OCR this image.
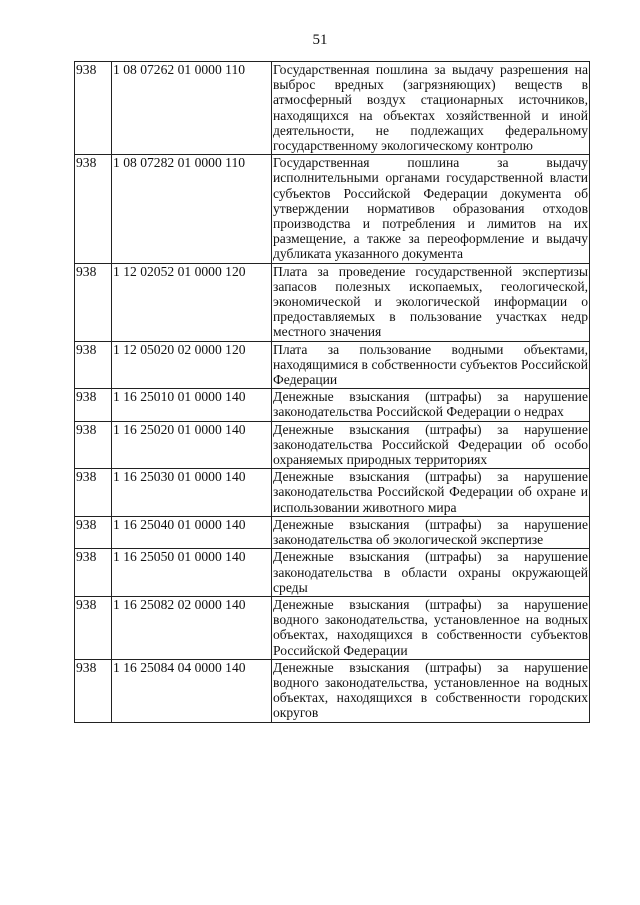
51
938	1 08 07262 01 0000 110	Государственная пошлина за выдачу разрешения на выброс вредных (загрязняющих) веществ в атмосферный воздух стационарных источников, находящихся на объектах хозяйственной и иной деятельности, не подлежащих федеральному государственному экологическому контролю
938	1 08 07282 01 0000 110	Государственная пошлина за выдачу исполнительными органами государственной власти субъектов Российской Федерации документа об утверждении нормативов образования отходов производства и потребления и лимитов на их размещение, а также за переоформление и выдачу дубликата указанного документа
938	1 12 02052 01 0000 120	Плата за проведение государственной экспертизы запасов полезных ископаемых, геологической, экономической и экологической информации о предоставляемых в пользование участках недр местного значения
938	1 12 05020 02 0000 120	Плата за пользование водными объектами, находящимися в собственности субъектов Российской Федерации
938	1 16 25010 01 0000 140	Денежные взыскания (штрафы) за нарушение законодательства Российской Федерации о недрах
938	1 16 25020 01 0000 140	Денежные взыскания (штрафы) за нарушение законодательства Российской Федерации об особо охраняемых природных территориях
938	1 16 25030 01 0000 140	Денежные взыскания (штрафы) за нарушение законодательства Российской Федерации об охране и использовании животного мира
938	1 16 25040 01 0000 140	Денежные взыскания (штрафы) за нарушение законодательства об экологической экспертизе
938	1 16 25050 01 0000 140	Денежные взыскания (штрафы) за нарушение законодательства в области охраны окружающей среды
938	1 16 25082 02 0000 140	Денежные взыскания (штрафы) за нарушение водного законодательства, установленное на водных объектах, находящихся в собственности субъектов Российской Федерации
938	1 16 25084 04 0000 140	Денежные взыскания (штрафы) за нарушение водного законодательства, установленное на водных объектах, находящихся в собственности городских округов
